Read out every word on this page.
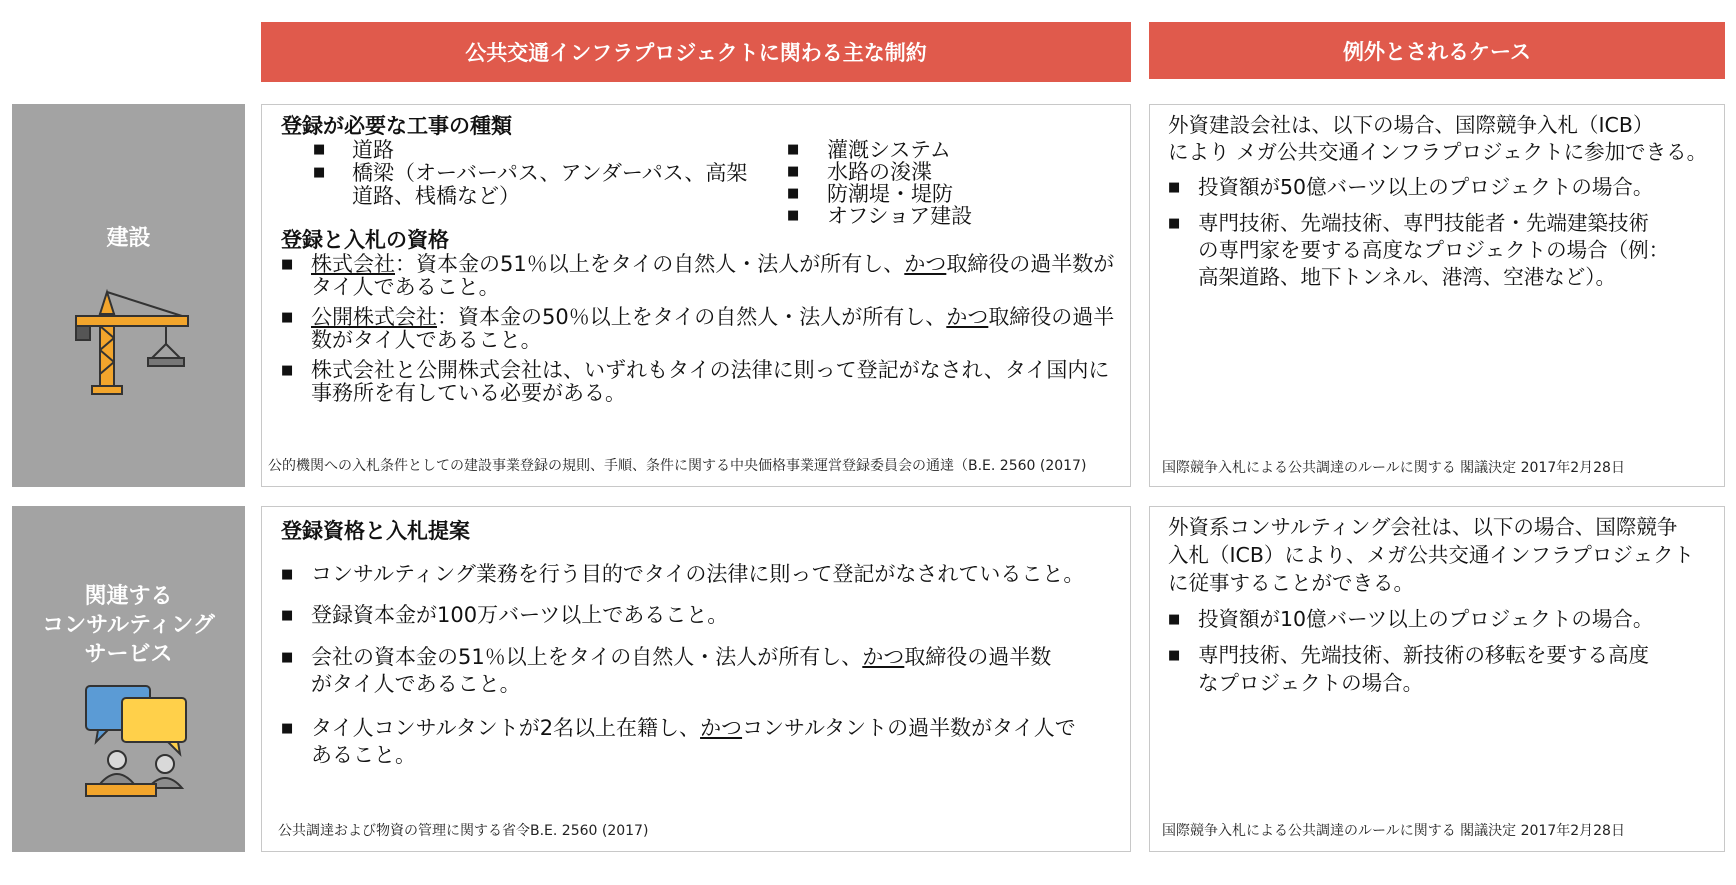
公共交通インフラプロジェクトに関わる主な制約	例外とされるケース
建設
登録が必要な工事の種類
■ 道路
■ 橋梁（オーバーパス、アンダーパス、高架
道路、桟橋など）
■ 灌漑システム
■ 水路の浚渫
■ 防潮堤・堤防
■ オフショア建設
登録と入札の資格
■ 株式会社：資本金の51％以上をタイの自然人・法人が所有し、かつ取締役の過半数が
タイ人であること。
■ 公開株式会社：資本金の50％以上をタイの自然人・法人が所有し、かつ取締役の過半
数がタイ人であること。
■ 株式会社と公開株式会社は、いずれもタイの法律に則って登記がなされ、タイ国内に
事務所を有している必要がある。
公的機関への入札条件としての建設事業登録の規則、手順、条件に関する中央価格事業運営登録委員会の通達（B.E. 2560 (2017)
外資建設会社は、以下の場合、国際競争入札（ICB）
により メガ公共交通インフラプロジェクトに参加できる。
■ 投資額が50億バーツ以上のプロジェクトの場合。
■ 専門技術、先端技術、専門技能者・先端建築技術
の専門家を要する高度なプロジェクトの場合（例：
高架道路、地下トンネル、港湾、空港など）。
国際競争入札による公共調達のルールに関する 閣議決定 2017年2月28日
関連する
コンサルティング
サービス
登録資格と入札提案
■ コンサルティング業務を行う目的でタイの法律に則って登記がなされていること。
■ 登録資本金が100万バーツ以上であること。
■ 会社の資本金の51％以上をタイの自然人・法人が所有し、かつ取締役の過半数
がタイ人であること。
■ タイ人コンサルタントが2名以上在籍し、かつコンサルタントの過半数がタイ人で
あること。
公共調達および物資の管理に関する省令B.E. 2560 (2017)
外資系コンサルティング会社は、以下の場合、国際競争
入札（ICB）により、メガ公共交通インフラプロジェクト
に従事することができる。
■ 投資額が10億バーツ以上のプロジェクトの場合。
■ 専門技術、先端技術、新技術の移転を要する高度
なプロジェクトの場合。
国際競争入札による公共調達のルールに関する 閣議決定 2017年2月28日
